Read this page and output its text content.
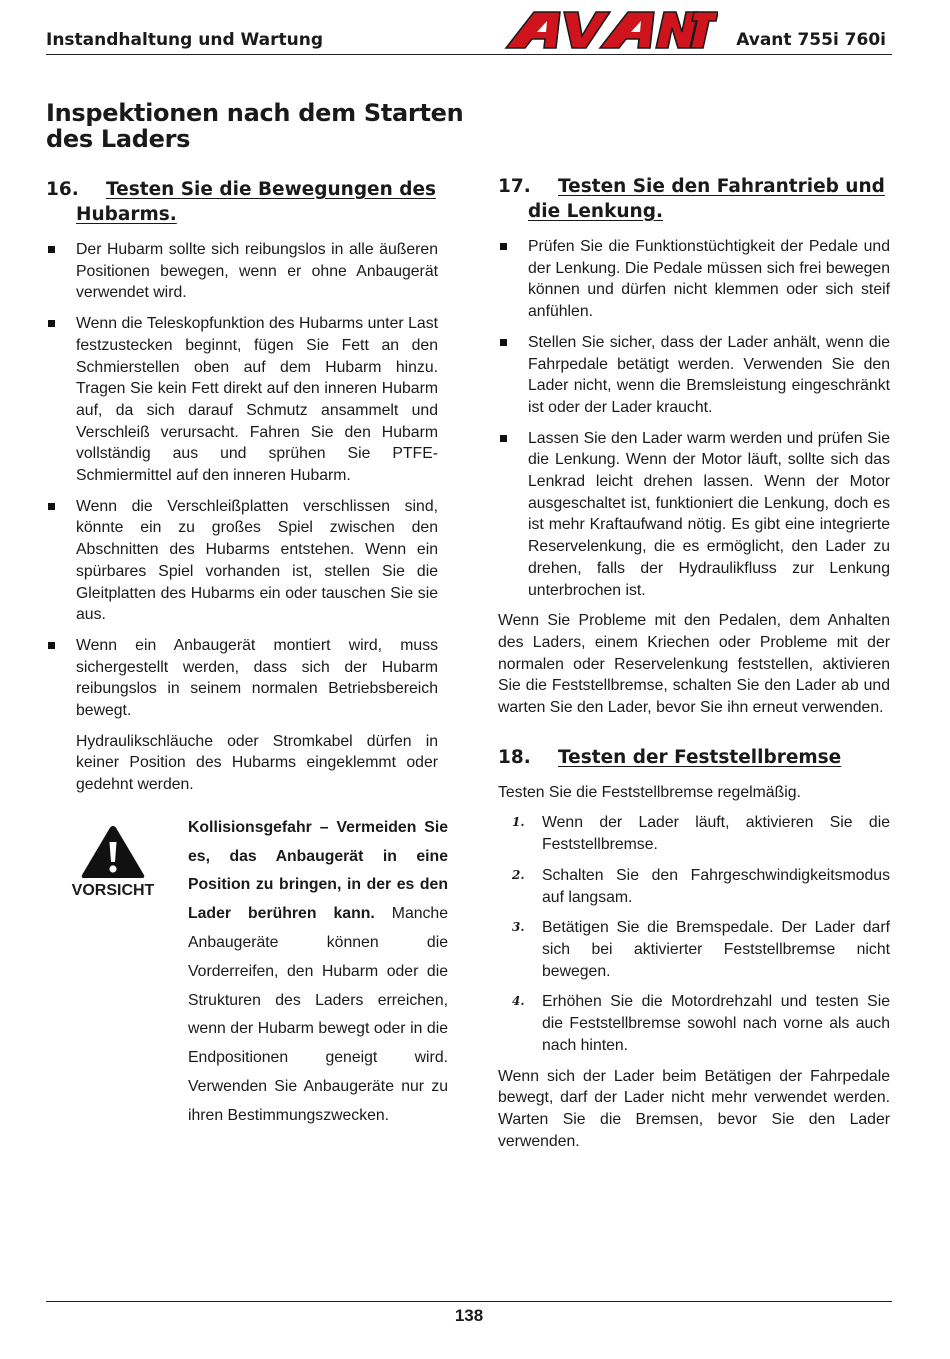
Instandhaltung und Wartung	Avant 755i 760i
Inspektionen nach dem Starten des Laders
16. Testen Sie die Bewegungen des Hubarms.
Der Hubarm sollte sich reibungslos in alle äußeren Positionen bewegen, wenn er ohne Anbaugerät verwendet wird.
Wenn die Teleskopfunktion des Hubarms unter Last festzustecken beginnt, fügen Sie Fett an den Schmierstellen oben auf dem Hubarm hinzu. Tragen Sie kein Fett direkt auf den inneren Hubarm auf, da sich darauf Schmutz ansammelt und Verschleiß verursacht. Fahren Sie den Hubarm vollständig aus und sprühen Sie PTFE-Schmiermittel auf den inneren Hubarm.
Wenn die Verschleißplatten verschlissen sind, könnte ein zu großes Spiel zwischen den Abschnitten des Hubarms entstehen. Wenn ein spürbares Spiel vorhanden ist, stellen Sie die Gleitplatten des Hubarms ein oder tauschen Sie sie aus.
Wenn ein Anbaugerät montiert wird, muss sichergestellt werden, dass sich der Hubarm reibungslos in seinem normalen Betriebsbereich bewegt.

Hydraulikschläuche oder Stromkabel dürfen in keiner Position des Hubarms eingeklemmt oder gedehnt werden.

VORSICHT
Kollisionsgefahr – Vermeiden Sie es, das Anbaugerät in eine Position zu bringen, in der es den Lader berühren kann. Manche Anbaugeräte können die Vorderreifen, den Hubarm oder die Strukturen des Laders erreichen, wenn der Hubarm bewegt oder in die Endpositionen geneigt wird. Verwenden Sie Anbaugeräte nur zu ihren Bestimmungszwecken.
17. Testen Sie den Fahrantrieb und die Lenkung.
Prüfen Sie die Funktionstüchtigkeit der Pedale und der Lenkung. Die Pedale müssen sich frei bewegen können und dürfen nicht klemmen oder sich steif anfühlen.
Stellen Sie sicher, dass der Lader anhält, wenn die Fahrpedale betätigt werden. Verwenden Sie den Lader nicht, wenn die Bremsleistung eingeschränkt ist oder der Lader kraucht.
Lassen Sie den Lader warm werden und prüfen Sie die Lenkung. Wenn der Motor läuft, sollte sich das Lenkrad leicht drehen lassen. Wenn der Motor ausgeschaltet ist, funktioniert die Lenkung, doch es ist mehr Kraftaufwand nötig. Es gibt eine integrierte Reservelenkung, die es ermöglicht, den Lader zu drehen, falls der Hydraulikfluss zur Lenkung unterbrochen ist.

Wenn Sie Probleme mit den Pedalen, dem Anhalten des Laders, einem Kriechen oder Probleme mit der normalen oder Reservelenkung feststellen, aktivieren Sie die Feststellbremse, schalten Sie den Lader ab und warten Sie den Lader, bevor Sie ihn erneut verwenden.

18. Testen der Feststellbremse

Testen Sie die Feststellbremse regelmäßig.

1. Wenn der Lader läuft, aktivieren Sie die Feststellbremse.
2. Schalten Sie den Fahrgeschwindigkeitsmodus auf langsam.
3. Betätigen Sie die Bremspedale. Der Lader darf sich bei aktivierter Feststellbremse nicht bewegen.
4. Erhöhen Sie die Motordrehzahl und testen Sie die Feststellbremse sowohl nach vorne als auch nach hinten.

Wenn sich der Lader beim Betätigen der Fahrpedale bewegt, darf der Lader nicht mehr verwendet werden. Warten Sie die Bremsen, bevor Sie den Lader verwenden.

138
